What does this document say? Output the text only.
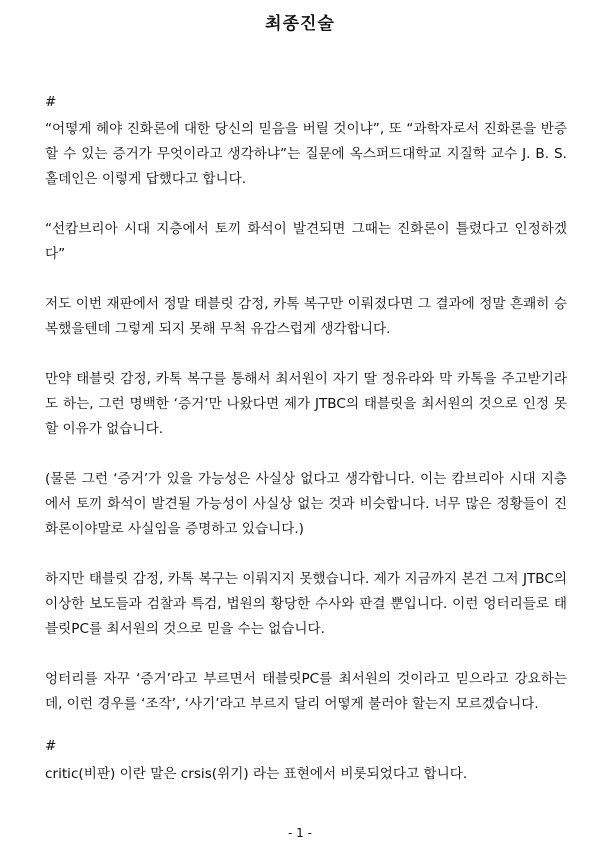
최종진술
#

“어떻게 헤야 진화론에 대한 당신의 믿음을 버릴 것이냐”, 또 “과학자로서 진화론을 반증할 수 있는 증거가 무엇이라고 생각하냐”는 질문에 옥스퍼드대학교 지질학 교수 J. B. S. 홀데인은 이렇게 답했다고 합니다.

“선캄브리아 시대 지층에서 토끼 화석이 발견되면 그때는 진화론이 틀렸다고 인정하겠다”

저도 이번 재판에서 정말 태블릿 감정, 카톡 복구만 이뤄졌다면 그 결과에 정말 흔쾌히 승복했을텐데 그렇게 되지 못해 무척 유감스럽게 생각합니다.

만약 태블릿 감정, 카톡 복구를 통해서 최서원이 자기 딸 정유라와 막 카톡을 주고받기라도 하는, 그런 명백한 ‘증거’만 나왔다면 제가 JTBC의 태블릿을 최서원의 것으로 인정 못할 이유가 없습니다.

(물론 그런 ‘증거’가 있을 가능성은 사실상 없다고 생각합니다. 이는 캄브리아 시대 지층에서 토끼 화석이 발견될 가능성이 사실상 없는 것과 비슷합니다. 너무 많은 정황들이 진화론이야말로 사실임을 증명하고 있습니다.)

하지만 태블릿 감정, 카톡 복구는 이뤄지지 못했습니다. 제가 지금까지 본건 그저 JTBC의 이상한 보도들과 검찰과 특검, 법원의 황당한 수사와 판결 뿐입니다. 이런 엉터리들로 태블릿PC를 최서원의 것으로 믿을 수는 없습니다.

엉터리를 자꾸 ‘증거’라고 부르면서 태블릿PC를 최서원의 것이라고 믿으라고 강요하는데, 이런 경우를 ‘조작’, ‘사기’라고 부르지 달리 어떻게 불러야 할는지 모르겠습니다.

#

critic(비판) 이란 말은 crsis(위기) 라는 표현에서 비롯되었다고 합니다.

- 1 -
